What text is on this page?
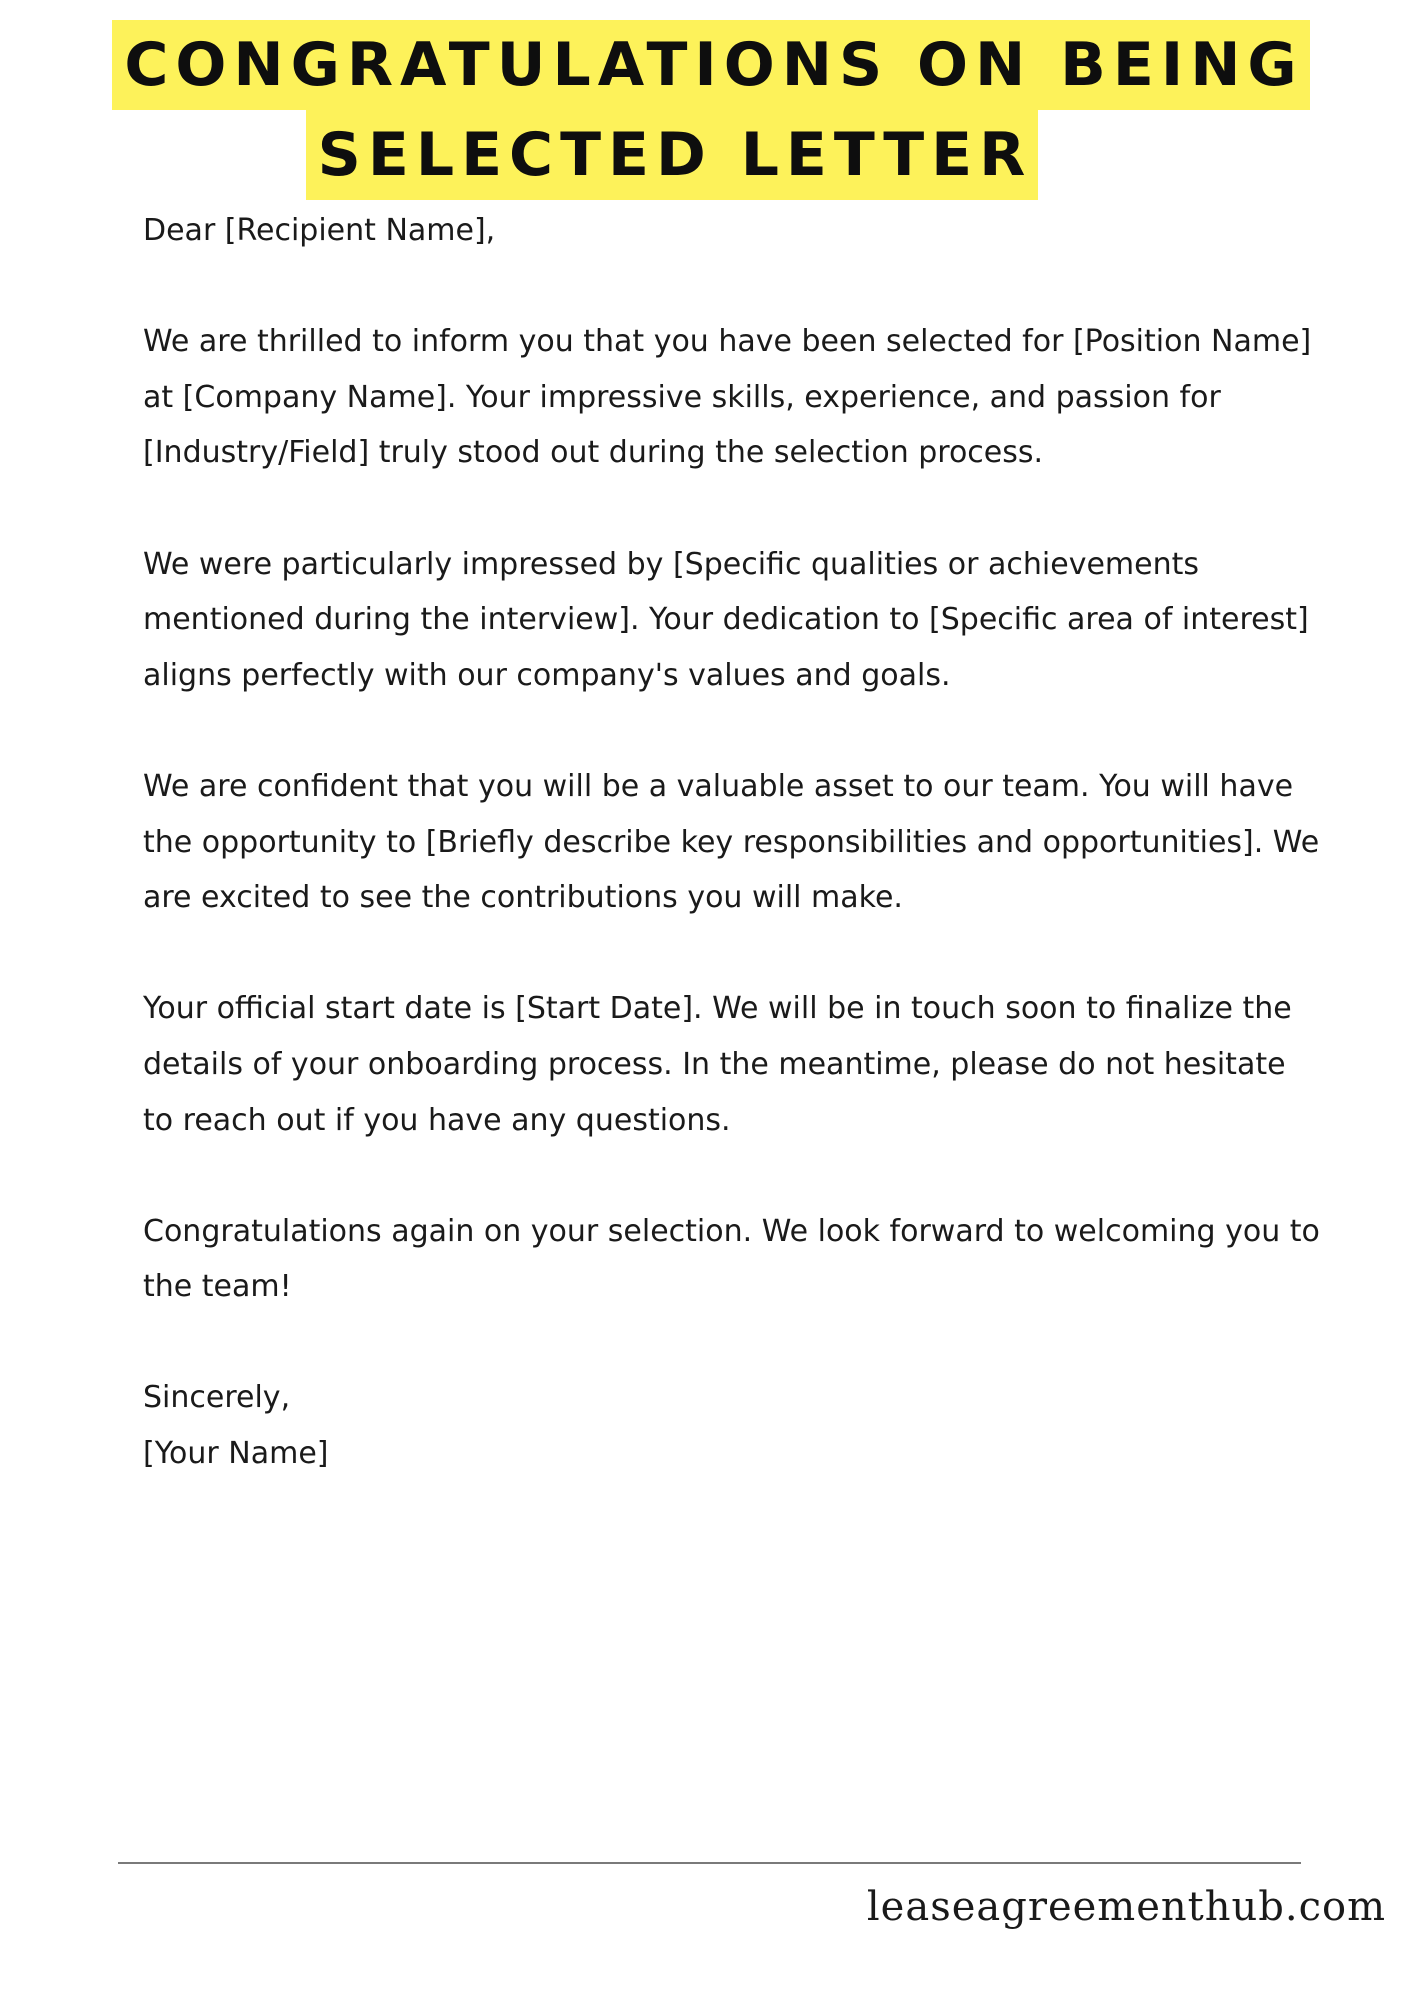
CONGRATULATIONS ON BEING
SELECTED LETTER

Dear [Recipient Name],

We are thrilled to inform you that you have been selected for [Position Name] at [Company Name]. Your impressive skills, experience, and passion for [Industry/Field] truly stood out during the selection process.

We were particularly impressed by [Specific qualities or achievements mentioned during the interview]. Your dedication to [Specific area of interest] aligns perfectly with our company's values and goals.

We are confident that you will be a valuable asset to our team. You will have the opportunity to [Briefly describe key responsibilities and opportunities]. We are excited to see the contributions you will make.

Your official start date is [Start Date]. We will be in touch soon to finalize the details of your onboarding process. In the meantime, please do not hesitate to reach out if you have any questions.

Congratulations again on your selection. We look forward to welcoming you to the team!

Sincerely,

[Your Name]

leaseagreementhub.com
